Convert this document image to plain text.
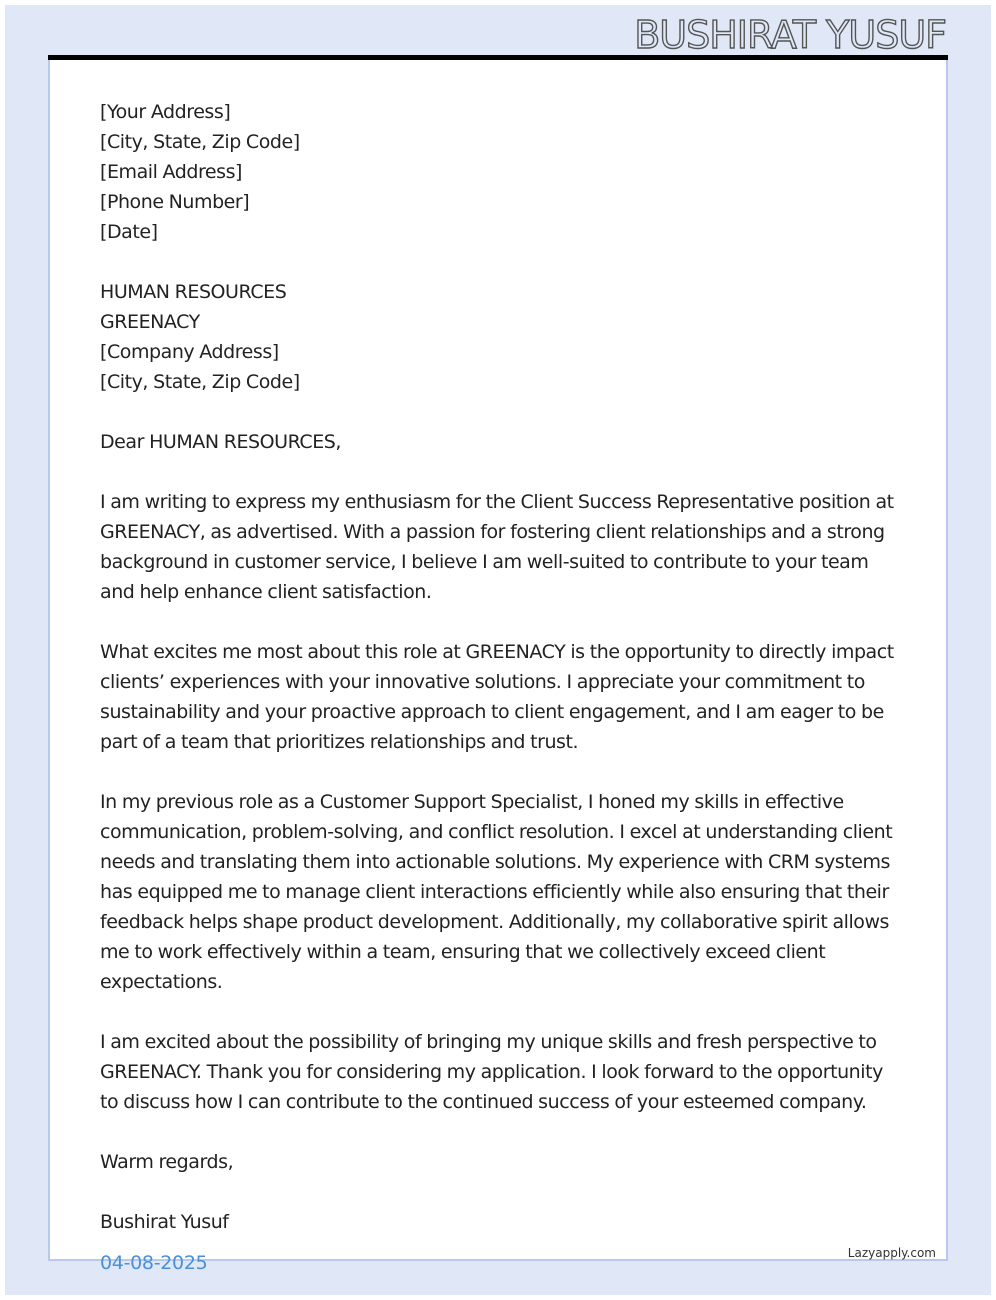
BUSHIRAT YUSUF
[Your Address]
[City, State, Zip Code]
[Email Address]
[Phone Number]
[Date]
HUMAN RESOURCES
GREENACY
[Company Address]
[City, State, Zip Code]
Dear HUMAN RESOURCES,

I am writing to express my enthusiasm for the Client Success Representative position at GREENACY, as advertised. With a passion for fostering client relationships and a strong background in customer service, I believe I am well-suited to contribute to your team and help enhance client satisfaction.

What excites me most about this role at GREENACY is the opportunity to directly impact clients’ experiences with your innovative solutions. I appreciate your commitment to sustainability and your proactive approach to client engagement, and I am eager to be part of a team that prioritizes relationships and trust.

In my previous role as a Customer Support Specialist, I honed my skills in effective communication, problem-solving, and conflict resolution. I excel at understanding client needs and translating them into actionable solutions. My experience with CRM systems has equipped me to manage client interactions efficiently while also ensuring that their feedback helps shape product development. Additionally, my collaborative spirit allows me to work effectively within a team, ensuring that we collectively exceed client expectations.

I am excited about the possibility of bringing my unique skills and fresh perspective to GREENACY. Thank you for considering my application. I look forward to the opportunity to discuss how I can contribute to the continued success of your esteemed company.

Warm regards,
Bushirat Yusuf
04-08-2025	Lazyapply.com
